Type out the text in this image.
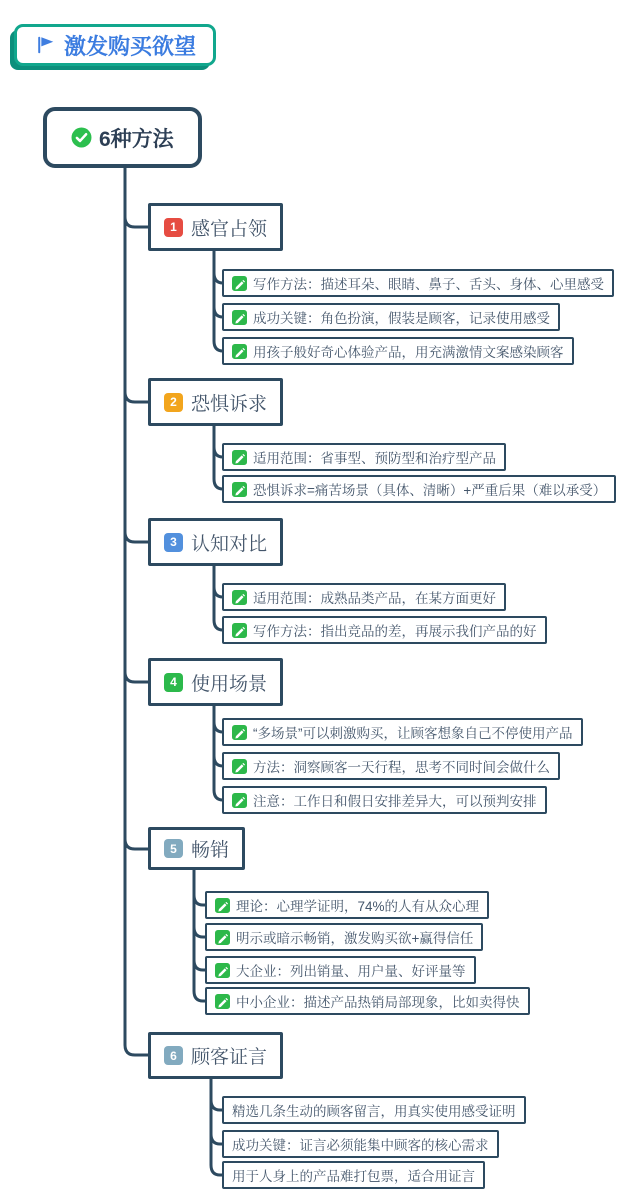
激发购买欲望
6种方法
1 感官占领
写作方法：描述耳朵、眼睛、鼻子、舌头、身体、心里感受
成功关键：角色扮演，假装是顾客，记录使用感受
用孩子般好奇心体验产品，用充满激情文案感染顾客
2 恐惧诉求
适用范围：省事型、预防型和治疗型产品
恐惧诉求=痛苦场景（具体、清晰）+严重后果（难以承受）
3 认知对比
适用范围：成熟品类产品，在某方面更好
写作方法：指出竞品的差，再展示我们产品的好
4 使用场景
“多场景”可以刺激购买，让顾客想象自己不停使用产品
方法：洞察顾客一天行程，思考不同时间会做什么
注意：工作日和假日安排差异大，可以预判安排
5 畅销
理论：心理学证明，74%的人有从众心理
明示或暗示畅销，激发购买欲+赢得信任
大企业：列出销量、用户量、好评量等
中小企业：描述产品热销局部现象，比如卖得快
6 顾客证言
精选几条生动的顾客留言，用真实使用感受证明
成功关键：证言必须能集中顾客的核心需求
用于人身上的产品难打包票，适合用证言
